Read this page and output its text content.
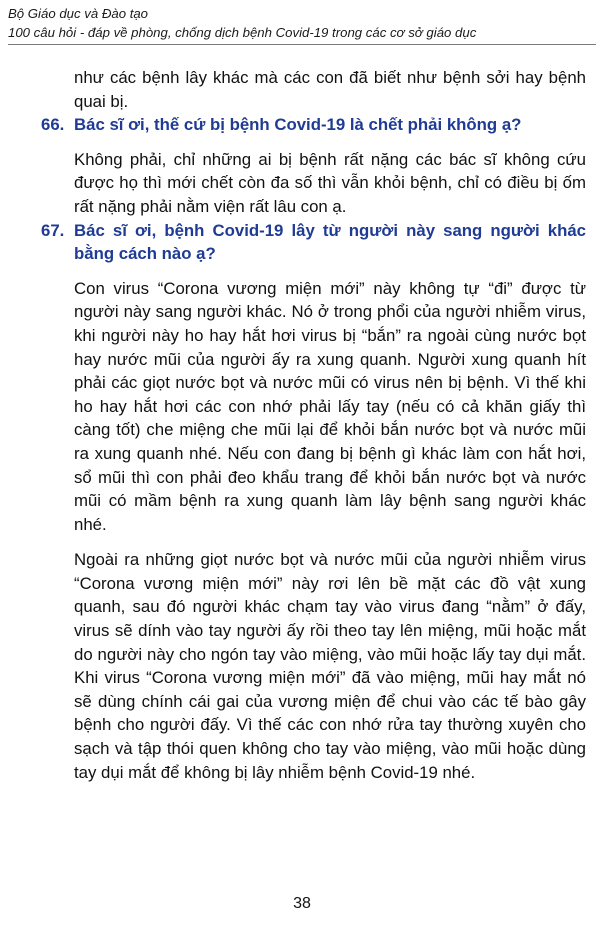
Bộ Giáo dục và Đào tạo
100 câu hỏi - đáp về phòng, chống dịch bệnh Covid-19 trong các cơ sở giáo dục

như các bệnh lây khác mà các con đã biết như bệnh sởi hay bệnh quai bị.

66. Bác sĩ ơi, thế cứ bị bệnh Covid-19 là chết phải không ạ?

Không phải, chỉ những ai bị bệnh rất nặng các bác sĩ không cứu được họ thì mới chết còn đa số thì vẫn khỏi bệnh, chỉ có điều bị ốm rất nặng phải nằm viện rất lâu con ạ.

67. Bác sĩ ơi, bệnh Covid-19 lây từ người này sang người khác bằng cách nào ạ?

Con virus “Corona vương miện mới” này không tự “đi” được từ người này sang người khác. Nó ở trong phổi của người nhiễm virus, khi người này ho hay hắt hơi virus bị “bắn” ra ngoài cùng nước bọt hay nước mũi của người ấy ra xung quanh. Người xung quanh hít phải các giọt nước bọt và nước mũi có virus nên bị bệnh. Vì thế khi ho hay hắt hơi các con nhớ phải lấy tay (nếu có cả khăn giấy thì càng tốt) che miệng che mũi lại để khỏi bắn nước bọt và nước mũi ra xung quanh nhé. Nếu con đang bị bệnh gì khác làm con hắt hơi, sổ mũi thì con phải đeo khẩu trang để khỏi bắn nước bọt và nước mũi có mầm bệnh ra xung quanh làm lây bệnh sang người khác nhé.

Ngoài ra những giọt nước bọt và nước mũi của người nhiễm virus “Corona vương miện mới” này rơi lên bề mặt các đồ vật xung quanh, sau đó người khác chạm tay vào virus đang “nằm” ở đấy, virus sẽ dính vào tay người ấy rồi theo tay lên miệng, mũi hoặc mắt do người này cho ngón tay vào miệng, vào mũi hoặc lấy tay dụi mắt. Khi virus “Corona vương miện mới” đã vào miệng, mũi hay mắt nó sẽ dùng chính cái gai của vương miện để chui vào các tế bào gây bệnh cho người đấy. Vì thế các con nhớ rửa tay thường xuyên cho sạch và tập thói quen không cho tay vào miệng, vào mũi hoặc dùng tay dụi mắt để không bị lây nhiễm bệnh Covid-19 nhé.

38
